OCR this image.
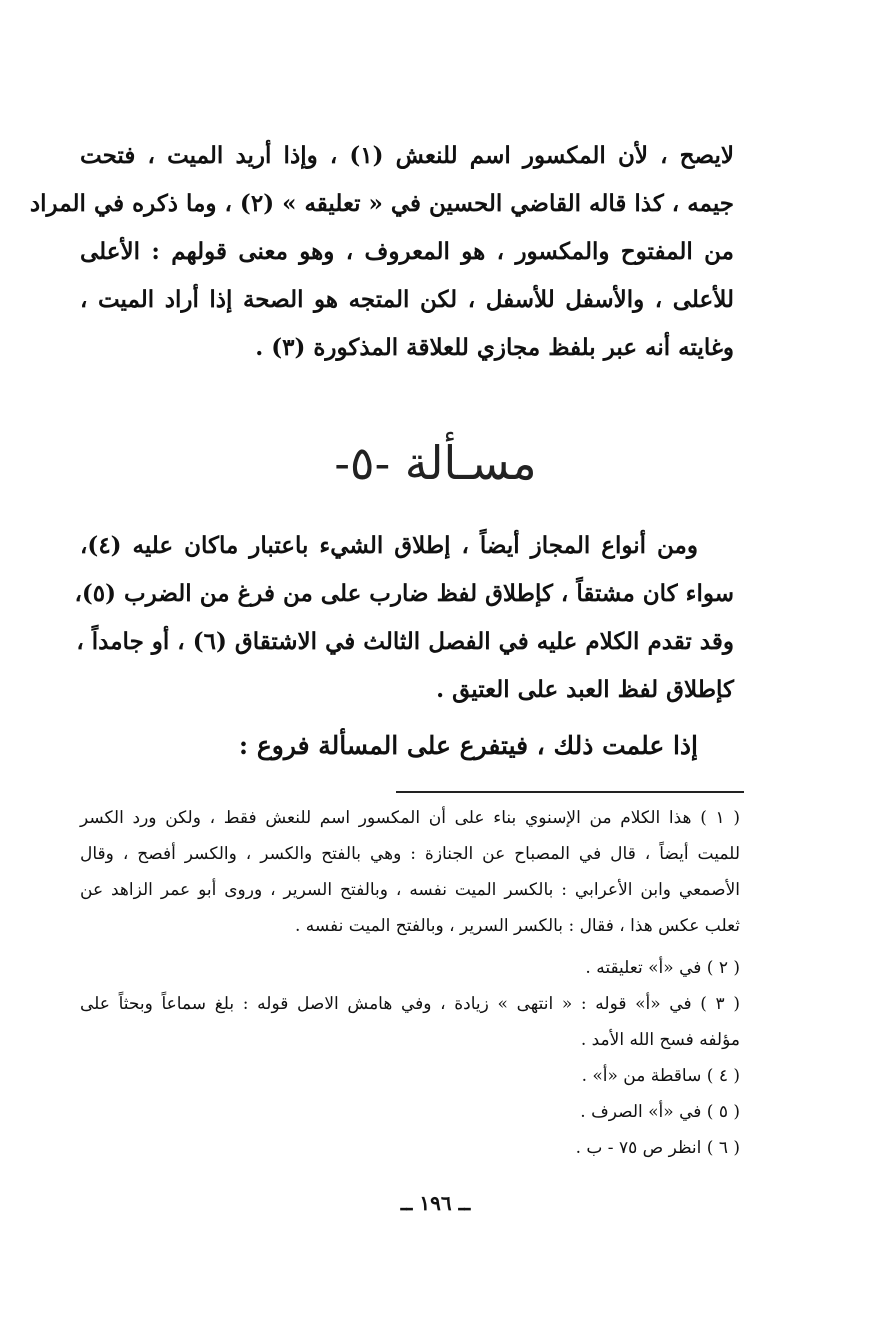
لايصح ، لأن المكسور اسم للنعش (١) ، وإذا أريد الميت ، فتحت
جيمه ، كذا قاله القاضي الحسين في « تعليقه » (٢) ، وما ذكره في المراد
من المفتوح والمكسور ، هو المعروف ، وهو معنى قولهم : الأعلى
للأعلى ، والأسفل للأسفل ، لكن المتجه هو الصحة إذا أراد الميت ،
وغايته أنه عبر بلفظ مجازي للعلاقة المذكورة (٣) .
مسـألة -٥-
ومن أنواع المجاز أيضاً ، إطلاق الشيء باعتبار ماكان عليه (٤)،
سواء كان مشتقاً ، كإطلاق لفظ ضارب على من فرغ من الضرب (٥)،
وقد تقدم الكلام عليه في الفصل الثالث في الاشتقاق (٦) ، أو جامداً ،
كإطلاق لفظ العبد على العتيق .
إذا علمت ذلك ، فيتفرع على المسألة فروع :
( ١ ) هذا الكلام من الإسنوي بناء على أن المكسور اسم للنعش فقط ، ولكن ورد الكسر
للميت أيضاً ، قال في المصباح عن الجنازة : وهي بالفتح والكسر ، والكسر أفصح ، وقال
الأصمعي وابن الأعرابي : بالكسر الميت نفسه ، وبالفتح السرير ، وروى أبو عمر الزاهد عن
ثعلب عكس هذا ، فقال : بالكسر السرير ، وبالفتح الميت نفسه .
( ٢ ) في «أ» تعليقته .
( ٣ ) في «أ» قوله : « انتهى » زيادة ، وفي هامش الاصل قوله : بلغ سماعاً وبحثاً على
مؤلفه فسح الله الأمد .
( ٤ ) ساقطة من «أ» .
( ٥ ) في «أ» الصرف .
( ٦ ) انظر ص ٧٥ - ب .
ــ ١٩٦ ــ
